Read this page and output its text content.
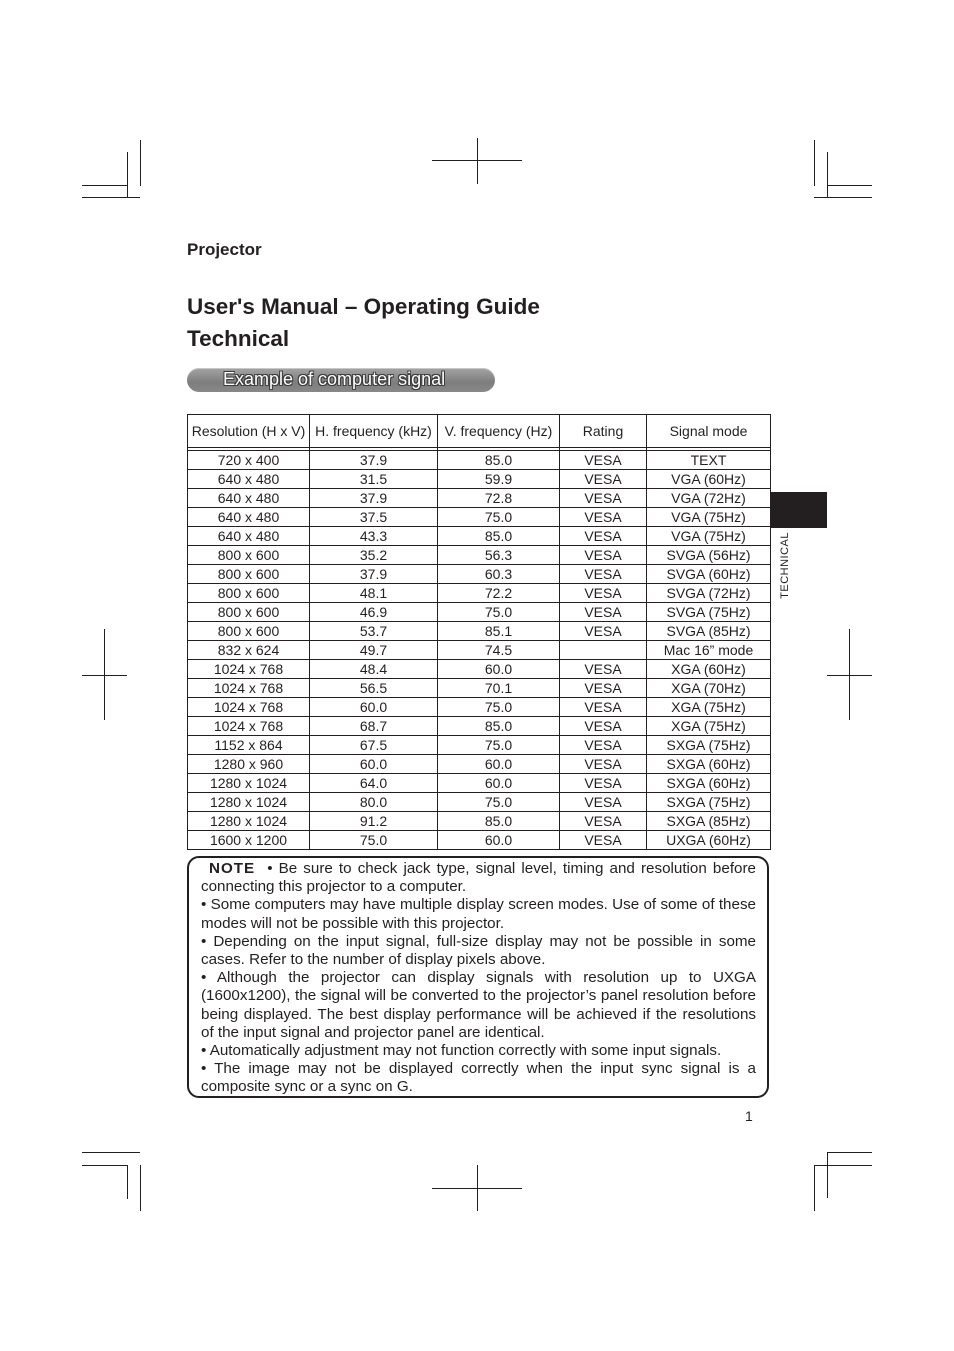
Projector
User's Manual – Operating Guide
Technical
Example of computer signal
Resolution (H x V)	H. frequency (kHz)	V. frequency (Hz)	Rating	Signal mode

720 x 400	37.9	85.0	VESA	TEXT
640 x 480	31.5	59.9	VESA	VGA (60Hz)
640 x 480	37.9	72.8	VESA	VGA (72Hz)
640 x 480	37.5	75.0	VESA	VGA (75Hz)
640 x 480	43.3	85.0	VESA	VGA (75Hz)
800 x 600	35.2	56.3	VESA	SVGA (56Hz)
800 x 600	37.9	60.3	VESA	SVGA (60Hz)
800 x 600	48.1	72.2	VESA	SVGA (72Hz)
800 x 600	46.9	75.0	VESA	SVGA (75Hz)
800 x 600	53.7	85.1	VESA	SVGA (85Hz)
832 x 624	49.7	74.5		Mac 16” mode
1024 x 768	48.4	60.0	VESA	XGA (60Hz)
1024 x 768	56.5	70.1	VESA	XGA (70Hz)
1024 x 768	60.0	75.0	VESA	XGA (75Hz)
1024 x 768	68.7	85.0	VESA	XGA (75Hz)
1152 x 864	67.5	75.0	VESA	SXGA (75Hz)
1280 x 960	60.0	60.0	VESA	SXGA (60Hz)
1280 x 1024	64.0	60.0	VESA	SXGA (60Hz)
1280 x 1024	80.0	75.0	VESA	SXGA (75Hz)
1280 x 1024	91.2	85.0	VESA	SXGA (85Hz)
1600 x 1200	75.0	60.0	VESA	UXGA (60Hz)
TECHNICAL

NOTE • Be sure to check jack type, signal level, timing and resolution before connecting this projector to a computer.

• Some computers may have multiple display screen modes. Use of some of these modes will not be possible with this projector.

• Depending on the input signal, full-size display may not be possible in some cases. Refer to the number of display pixels above.

• Although the projector can display signals with resolution up to UXGA (1600x1200), the signal will be converted to the projector’s panel resolution before being displayed. The best display performance will be achieved if the resolutions of the input signal and projector panel are identical.

• Automatically adjustment may not function correctly with some input signals.

• The image may not be displayed correctly when the input sync signal is a composite sync or a sync on G.

1
